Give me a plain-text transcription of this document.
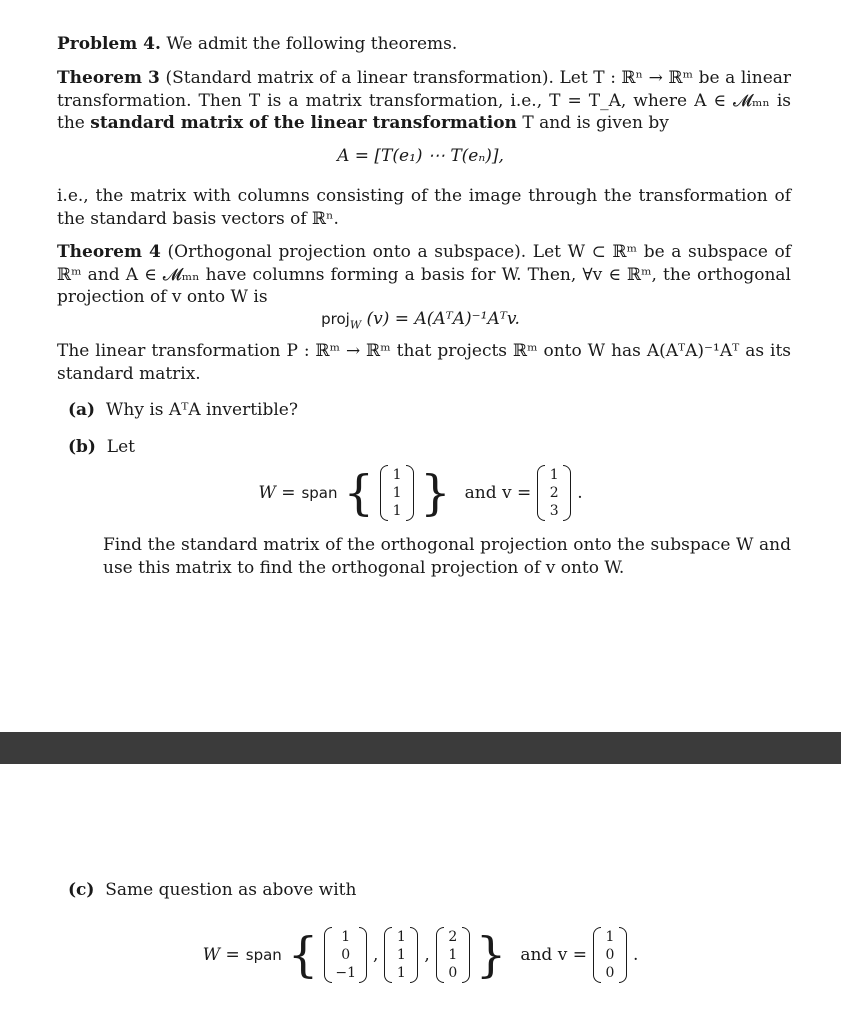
Problem 4. We admit the following theorems.
Theorem 3 (Standard matrix of a linear transformation). Let T : ℝⁿ → ℝᵐ be a linear transformation. Then T is a matrix transformation, i.e., T = T_A, where A ∈ 𝓜ₘₙ is the standard matrix of the linear transformation T and is given by
A = [T(e₁) ⋯ T(eₙ)],
i.e., the matrix with columns consisting of the image through the transformation of the standard basis vectors of ℝⁿ.
Theorem 4 (Orthogonal projection onto a subspace). Let W ⊂ ℝᵐ be a subspace of ℝᵐ and A ∈ 𝓜ₘₙ have columns forming a basis for W. Then, ∀v ∈ ℝᵐ, the orthogonal projection of v onto W is
proj$_W$ (v) = A(AᵀA)⁻¹Aᵀv.
The linear transformation P : ℝᵐ → ℝᵐ that projects ℝᵐ onto W has A(AᵀA)⁻¹Aᵀ as its standard matrix.
(a) Why is AᵀA invertible?
(b) Let
W = span { 1
1
1 } and v =
1
2
3
.
Find the standard matrix of the orthogonal projection onto the subspace W and use this matrix to find the orthogonal projection of v onto W.
(c) Same question as above with
W = span {	1
0
−1
,
1
1
1
,
2
1
0 } and v =
1
0
0
.
